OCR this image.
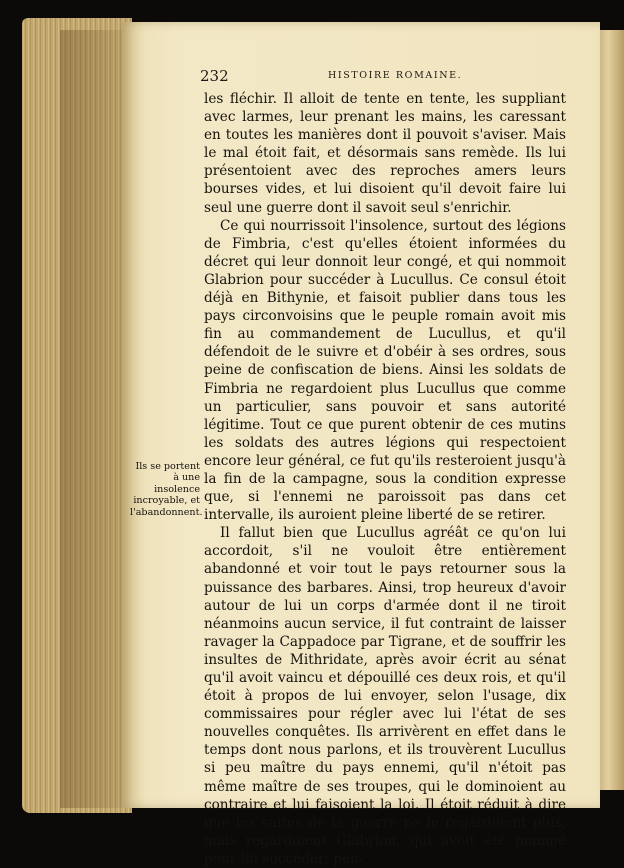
232	HISTOIRE ROMAINE.
Ils se portent à une insolence incroyable, et l'abandonnent.

les fléchir. Il alloit de tente en tente, les suppliant avec larmes, leur prenant les mains, les caressant en toutes les manières dont il pouvoit s'aviser. Mais le mal étoit fait, et désormais sans remède. Ils lui présentoient avec des reproches amers leurs bourses vides, et lui disoient qu'il devoit faire lui seul une guerre dont il savoit seul s'enrichir.

Ce qui nourrissoit l'insolence, surtout des légions de Fimbria, c'est qu'elles étoient informées du décret qui leur donnoit leur congé, et qui nommoit Glabrion pour succéder à Lucullus. Ce consul étoit déjà en Bithynie, et faisoit publier dans tous les pays circonvoisins que le peuple romain avoit mis fin au commandement de Lucullus, et qu'il défendoit de le suivre et d'obéir à ses ordres, sous peine de confiscation de biens. Ainsi les soldats de Fimbria ne regardoient plus Lucullus que comme un particulier, sans pouvoir et sans autorité légitime. Tout ce que purent obtenir de ces mutins les soldats des autres légions qui respectoient encore leur général, ce fut qu'ils resteroient jusqu'à la fin de la campagne, sous la condition expresse que, si l'ennemi ne paroissoit pas dans cet intervalle, ils auroient pleine liberté de se retirer.

Il fallut bien que Lucullus agréât ce qu'on lui accordoit, s'il ne vouloit être entièrement abandonné et voir tout le pays retourner sous la puissance des barbares. Ainsi, trop heureux d'avoir autour de lui un corps d'armée dont il ne tiroit néanmoins aucun service, il fut contraint de laisser ravager la Cappadoce par Tigrane, et de souffrir les insultes de Mithridate, après avoir écrit au sénat qu'il avoit vaincu et dépouillé ces deux rois, et qu'il étoit à propos de lui envoyer, selon l'usage, dix commissaires pour régler avec lui l'état de ses nouvelles conquêtes. Ils arrivèrent en effet dans le temps dont nous parlons, et ils trouvèrent Lucullus si peu maître du pays ennemi, qu'il n'étoit pas même maître de ses troupes, qui le dominoient au contraire et lui faisoient la loi. Il étoit réduit à dire que les suites de la guerre ne le regardoient plus, mais regardoient Glabrion, qui avoit été nommé pour lui succéder; pen-
